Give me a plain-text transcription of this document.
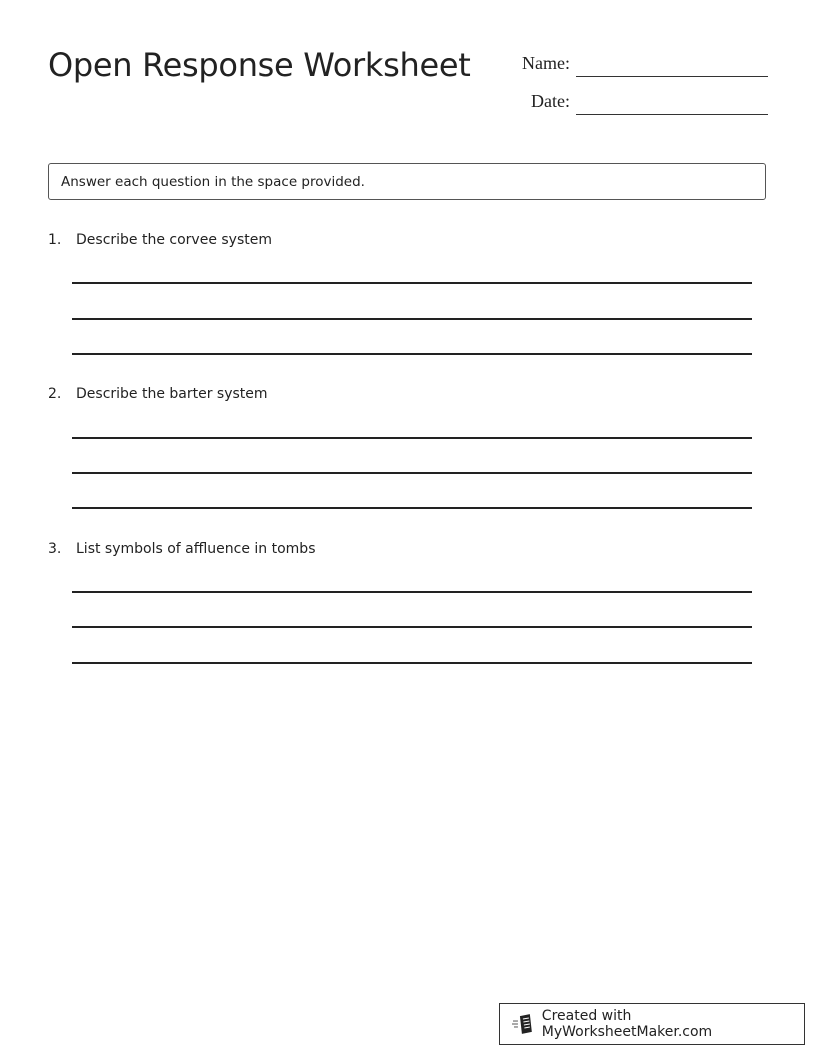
Open Response Worksheet	Name:
Date:
Answer each question in the space provided.
1. Describe the corvee system
2. Describe the barter system
3. List symbols of affluence in tombs
Created with MyWorksheetMaker.com
